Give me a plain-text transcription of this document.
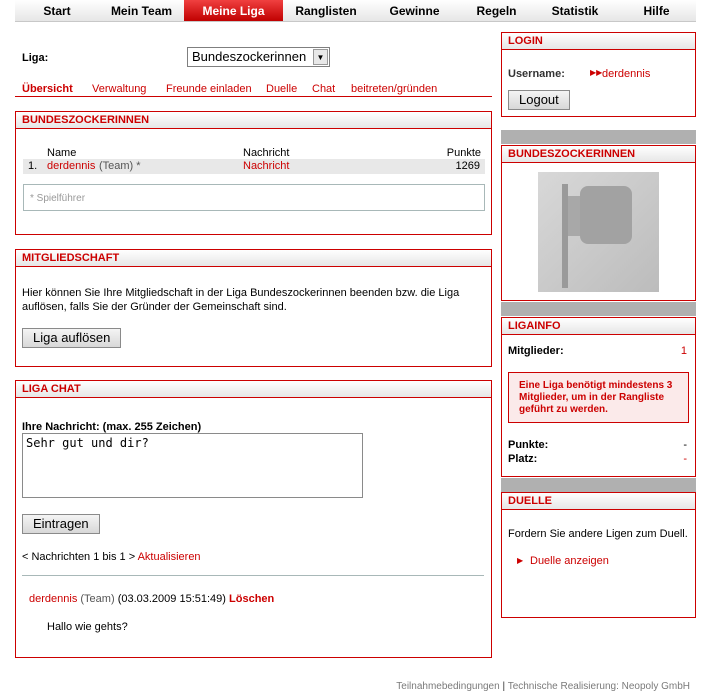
Start	Mein Team	Meine Liga	Ranglisten	Gewinne	Regeln	Statistik	Hilfe
Liga:	Bundeszockerinnen	▼
Übersicht Verwaltung Freunde einladen Duelle Chat beitreten/gründen
BUNDESZOCKERINNEN
Name	Nachricht	Punkte
1. derdennis (Team) *	Nachricht	1269
* Spielführer
MITGLIEDSCHAFT
Hier können Sie Ihre Mitgliedschaft in der Liga Bundeszockerinnen beenden bzw. die Liga auflösen, falls Sie der Gründer der Gemeinschaft sind.
Liga auflösen
LIGA CHAT
Ihre Nachricht: (max. 255 Zeichen)
Sehr gut und dir?
Eintragen
< Nachrichten 1 bis 1 > Aktualisieren
derdennis (Team) (03.03.2009 15:51:49) Löschen
Hallo wie gehts?
LOGIN
Username:	▶▶ derdennis
Logout
BUNDESZOCKERINNEN
LIGAINFO
Mitglieder:	1
Eine Liga benötigt mindestens 3 Mitglieder, um in der Rangliste geführt zu werden.
Punkte:	-
Platz:	-
DUELLE
Fordern Sie andere Ligen zum Duell.
▶ Duelle anzeigen
Teilnahmebedingungen | Technische Realisierung: Neopoly GmbH
